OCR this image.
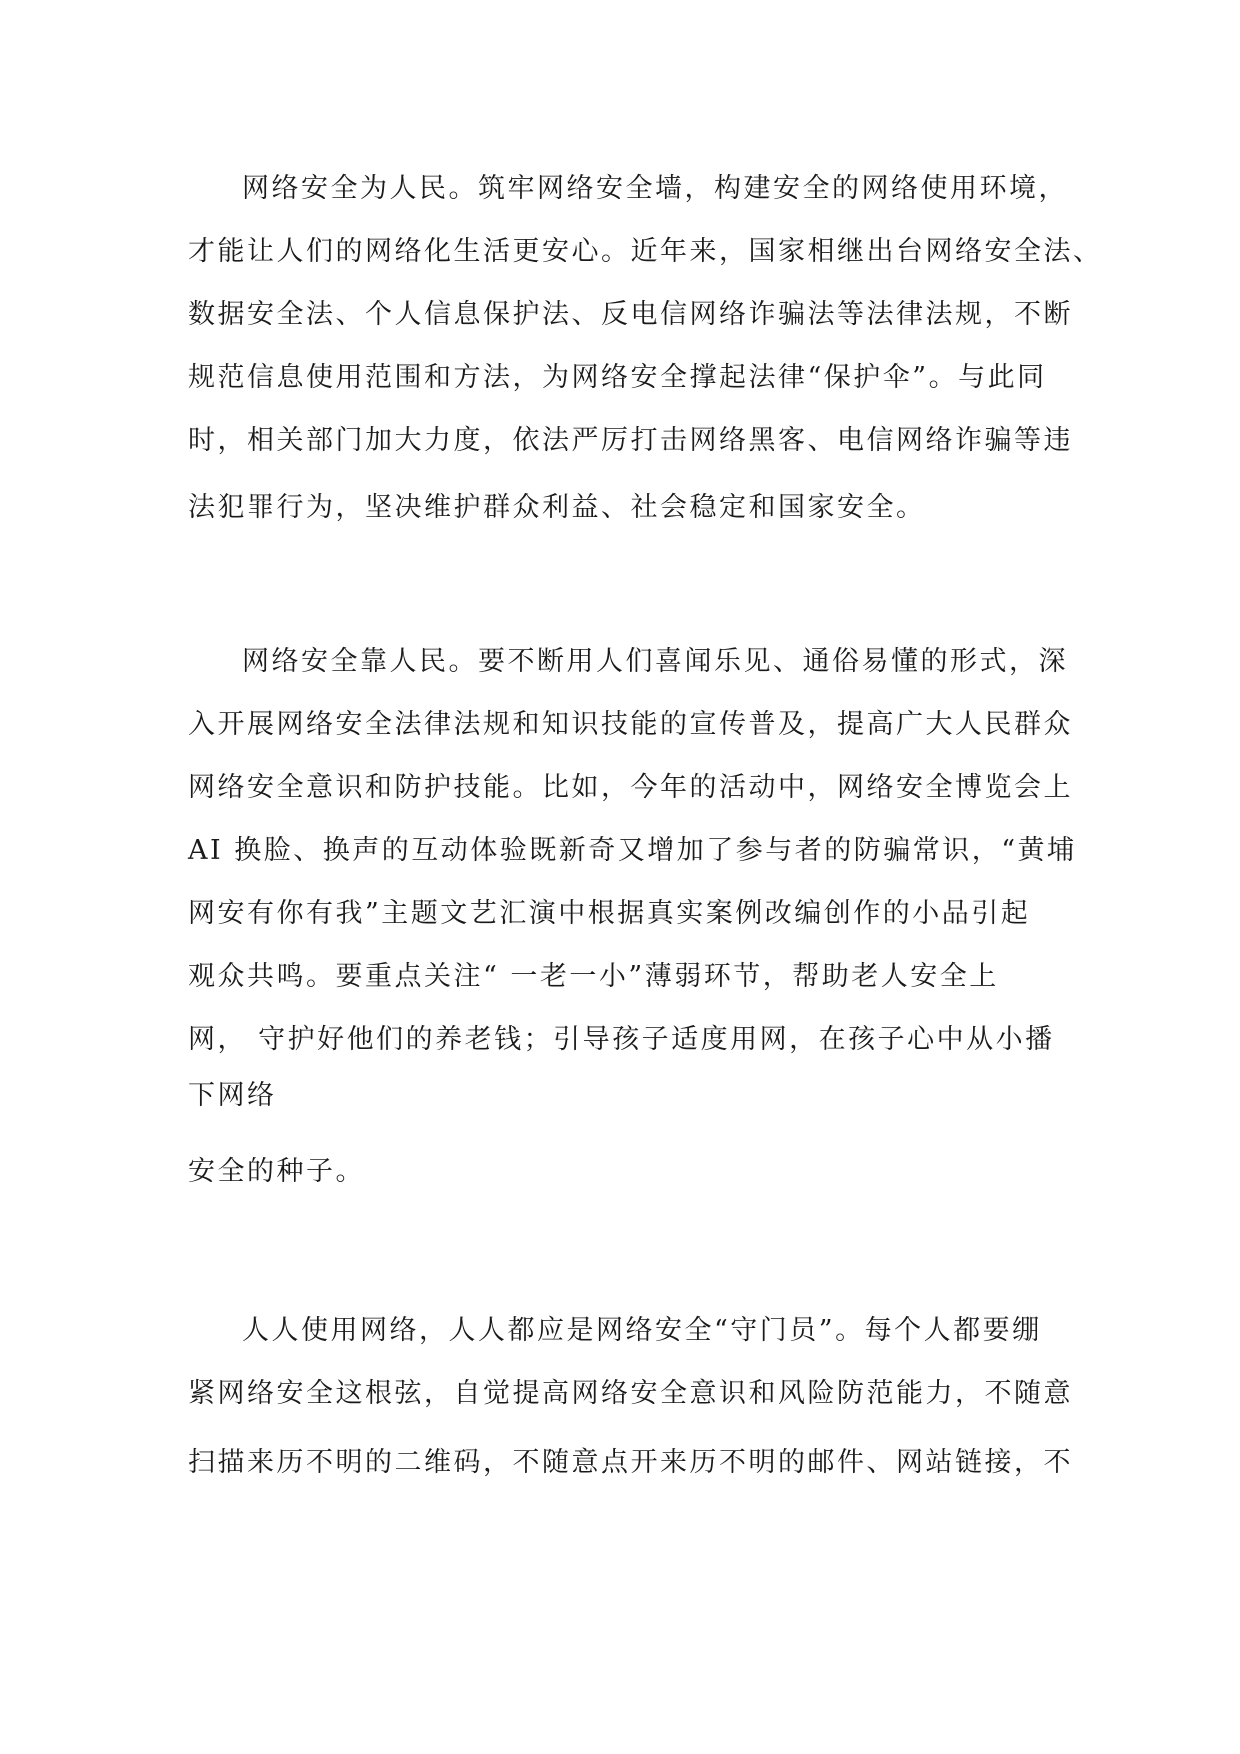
网络安全为人民。筑牢网络安全墙，构建安全的网络使用环境，
才能让人们的网络化生活更安心。近年来，国家相继出台网络安全法、
数据安全法、个人信息保护法、反电信网络诈骗法等法律法规，不断
规范信息使用范围和方法，为网络安全撑起法律“保护伞”。与此同
时，相关部门加大力度，依法严厉打击网络黑客、电信网络诈骗等违
法犯罪行为，坚决维护群众利益、社会稳定和国家安全。
网络安全靠人民。要不断用人们喜闻乐见、通俗易懂的形式，深
入开展网络安全法律法规和知识技能的宣传普及，提高广大人民群众
网络安全意识和防护技能。比如，今年的活动中，网络安全博览会上
AI 换脸、换声的互动体验既新奇又增加了参与者的防骗常识，“黄埔
网安有你有我”主题文艺汇演中根据真实案例改编创作的小品引起
观众共鸣。要重点关注“ 一老一小”薄弱环节，帮助老人安全上
网， 守护好他们的养老钱；引导孩子适度用网，在孩子心中从小播
下网络
安全的种子。
人人使用网络，人人都应是网络安全“守门员”。每个人都要绷
紧网络安全这根弦，自觉提高网络安全意识和风险防范能力，不随意
扫描来历不明的二维码，不随意点开来历不明的邮件、网站链接，不
